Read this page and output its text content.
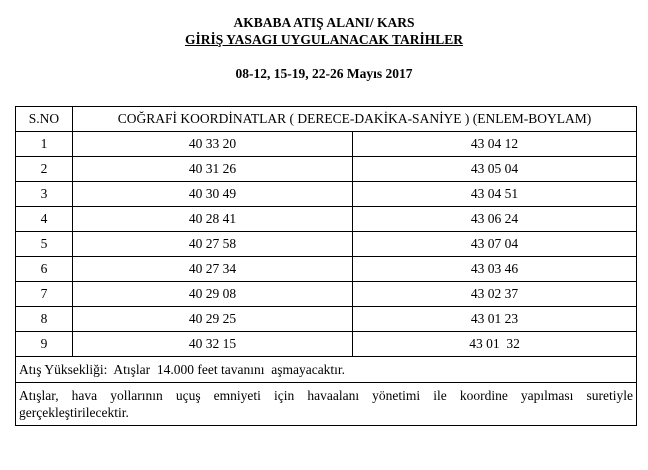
AKBABA ATIŞ ALANI/ KARS
GİRİŞ YASAGI UYGULANACAK TARİHLER
08-12, 15-19, 22-26 Mayıs 2017
S.NO	COĞRAFİ KOORDİNATLAR ( DERECE-DAKİKA-SANİYE ) (ENLEM-BOYLAM)	
1	40 33 20	43 04 12
2	40 31 26	43 05 04
3	40 30 49	43 04 51
4	40 28 41	43 06 24
5	40 27 58	43 07 04
6	40 27 34	43 03 46
7	40 29 08	43 02 37
8	40 29 25	43 01 23
9	40 32 15	43 01  32
Atış Yüksekliği:  Atışlar  14.000 feet tavanını  aşmayacaktır.		
Atışlar, hava yollarının uçuş emniyeti için havaalanı yönetimi ile koordine yapılması suretiyle gerçekleştirilecektir.		
